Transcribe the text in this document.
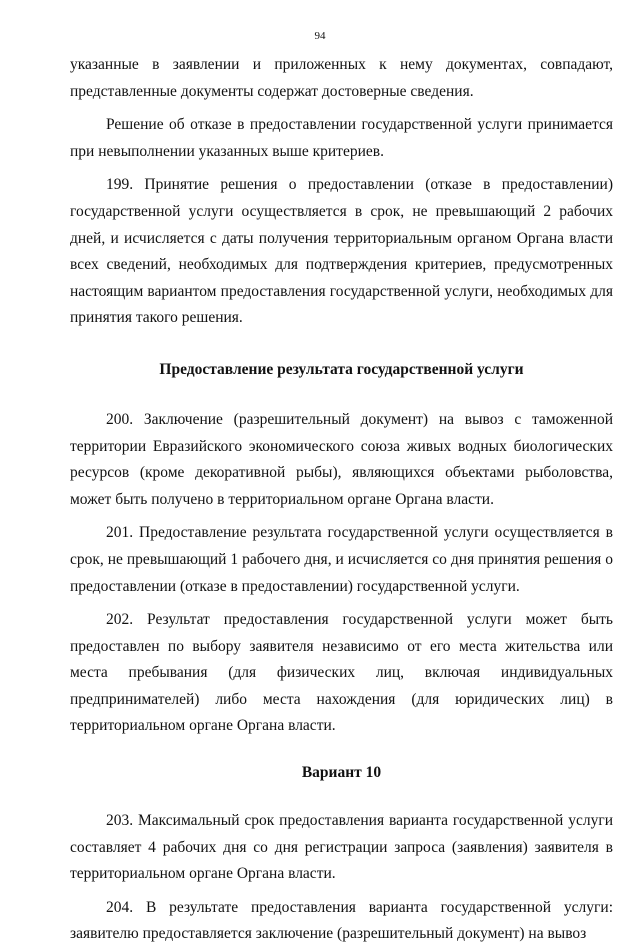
94

указанные в заявлении и приложенных к нему документах, совпадают, представленные документы содержат достоверные сведения.

Решение об отказе в предоставлении государственной услуги принимается при невыполнении указанных выше критериев.

199. Принятие решения о предоставлении (отказе в предоставлении) государственной услуги осуществляется в срок, не превышающий 2 рабочих дней, и исчисляется с даты получения территориальным органом Органа власти всех сведений, необходимых для подтверждения критериев, предусмотренных настоящим вариантом предоставления государственной услуги, необходимых для принятия такого решения.

Предоставление результата государственной услуги

200. Заключение (разрешительный документ) на вывоз с таможенной территории Евразийского экономического союза живых водных биологических ресурсов (кроме декоративной рыбы), являющихся объектами рыболовства, может быть получено в территориальном органе Органа власти.

201. Предоставление результата государственной услуги осуществляется в срок, не превышающий 1 рабочего дня, и исчисляется со дня принятия решения о предоставлении (отказе в предоставлении) государственной услуги.

202. Результат предоставления государственной услуги может быть предоставлен по выбору заявителя независимо от его места жительства или места пребывания (для физических лиц, включая индивидуальных предпринимателей) либо места нахождения (для юридических лиц) в территориальном органе Органа власти.

Вариант 10

203. Максимальный срок предоставления варианта государственной услуги составляет 4 рабочих дня со дня регистрации запроса (заявления) заявителя в территориальном органе Органа власти.

204. В результате предоставления варианта государственной услуги: заявителю предоставляется заключение (разрешительный документ) на вывоз
